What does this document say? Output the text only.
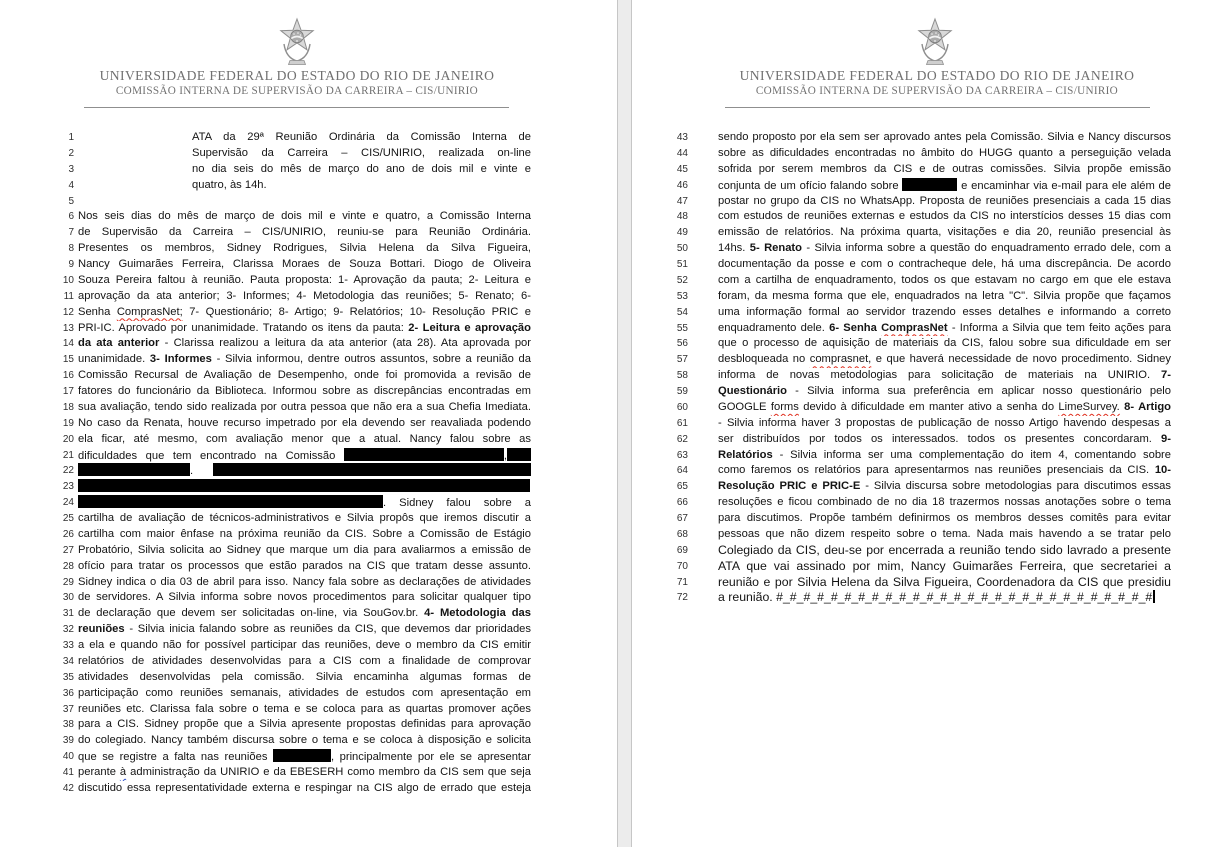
UNIVERSIDADE FEDERAL DO ESTADO DO RIO DE JANEIRO
COMISSÃO INTERNA DE SUPERVISÃO DA CARREIRA – CIS/UNIRIO
1
2
3
4
5
6
7
8
9
10
11
12
13
14
15
16
17
18
19
20
21
22
23
24
25
26
27
28
29
30
31
32
33
34
35
36
37
38
39
40
41
42
ATA da 29ª Reunião Ordinária da Comissão Interna de
Supervisão da Carreira – CIS/UNIRIO, realizada on-line
no dia seis do mês de março do ano de dois mil e vinte e
quatro, às 14h.
Nos seis dias do mês de março de dois mil e vinte e quatro, a Comissão Interna
de Supervisão da Carreira – CIS/UNIRIO, reuniu-se para Reunião Ordinária.
Presentes os membros, Sidney Rodrigues, Silvia Helena da Silva Figueira,
Nancy Guimarães Ferreira, Clarissa Moraes de Souza Bottari. Diogo de Oliveira
Souza Pereira faltou à reunião. Pauta proposta: 1- Aprovação da pauta; 2- Leitura e
aprovação da ata anterior; 3- Informes; 4- Metodologia das reuniões; 5- Renato; 6-
Senha ComprasNet; 7- Questionário; 8- Artigo; 9- Relatórios; 10- Resolução PRIC e
PRI-IC. Aprovado por unanimidade. Tratando os itens da pauta: 2- Leitura e aprovação
da ata anterior - Clarissa realizou a leitura da ata anterior (ata 28). Ata aprovada por
unanimidade. 3- Informes - Silvia informou, dentre outros assuntos, sobre a reunião da
Comissão Recursal de Avaliação de Desempenho, onde foi promovida a revisão de
fatores do funcionário da Biblioteca. Informou sobre as discrepâncias encontradas em
sua avaliação, tendo sido realizada por outra pessoa que não era a sua Chefia Imediata.
No caso da Renata, houve recurso impetrado por ela devendo ser reavaliada podendo
ela ficar, até mesmo, com avaliação menor que a atual. Nancy falou sobre as
dificuldades que tem encontrado na Comissão	,
.
. Sidney falou sobre a
cartilha de avaliação de técnicos-administrativos e Silvia propôs que iremos discutir a
cartilha com maior ênfase na próxima reunião da CIS. Sobre a Comissão de Estágio
Probatório, Silvia solicita ao Sidney que marque um dia para avaliarmos a emissão de
ofício para tratar os processos que estão parados na CIS que tratam desse assunto.
Sidney indica o dia 03 de abril para isso. Nancy fala sobre as declarações de atividades
de servidores. A Silvia informa sobre novos procedimentos para solicitar qualquer tipo
de declaração que devem ser solicitadas on-line, via SouGov.br. 4- Metodologia das
reuniões - Silvia inicia falando sobre as reuniões da CIS, que devemos dar prioridades
a ela e quando não for possível participar das reuniões, deve o membro da CIS emitir
relatórios de atividades desenvolvidas para a CIS com a finalidade de comprovar
atividades desenvolvidas pela comissão. Silvia encaminha algumas formas de
participação como reuniões semanais, atividades de estudos com apresentação em
reuniões etc. Clarissa fala sobre o tema e se coloca para as quartas promover ações
para a CIS. Sidney propõe que a Silvia apresente propostas definidas para aprovação
do colegiado. Nancy também discursa sobre o tema e se coloca à disposição e solicita
que se registre a falta nas reuniões	, principalmente por ele se apresentar
perante à administração da UNIRIO e da EBESERH como membro da CIS sem que seja
discutido essa representatividade externa e respingar na CIS algo de errado que esteja
UNIVERSIDADE FEDERAL DO ESTADO DO RIO DE JANEIRO
COMISSÃO INTERNA DE SUPERVISÃO DA CARREIRA – CIS/UNIRIO
43
44
45
46
47
48
49
50
51
52
53
54
55
56
57
58
59
60
61
62
63
64
65
66
67
68
69
70
71
72
sendo proposto por ela sem ser aprovado antes pela Comissão. Silvia e Nancy discursos
sobre as dificuldades encontradas no âmbito do HUGG quanto a perseguição velada
sofrida por serem membros da CIS e de outras comissões. Silvia propõe emissão
conjunta de um ofício falando sobre	e encaminhar via e-mail para ele além de
postar no grupo da CIS no WhatsApp. Proposta de reuniões presenciais a cada 15 dias
com estudos de reuniões externas e estudos da CIS no interstícios desses 15 dias com
emissão de relatórios. Na próxima quarta, visitações e dia 20, reunião presencial às
14hs. 5- Renato - Silvia informa sobre a questão do enquadramento errado dele, com a
documentação da posse e com o contracheque dele, há uma discrepância. De acordo
com a cartilha de enquadramento, todos os que estavam no cargo em que ele estava
foram, da mesma forma que ele, enquadrados na letra "C". Silvia propõe que façamos
uma informação formal ao servidor trazendo esses detalhes e informando a correto
enquadramento dele. 6- Senha ComprasNet - Informa a Silvia que tem feito ações para
que o processo de aquisição de materiais da CIS, falou sobre sua dificuldade em ser
desbloqueada no comprasnet, e que haverá necessidade de novo procedimento. Sidney
informa de novas metodologias para solicitação de materiais na UNIRIO. 7-
Questionário - Silvia informa sua preferência em aplicar nosso questionário pelo
GOOGLE forms devido à dificuldade em manter ativo a senha do LimeSurvey. 8- Artigo
- Silvia informa haver 3 propostas de publicação de nosso Artigo havendo despesas a
ser distribuídos por todos os interessados. todos os presentes concordaram. 9-
Relatórios - Silvia informa ser uma complementação do item 4, comentando sobre
como faremos os relatórios para apresentarmos nas reuniões presenciais da CIS. 10-
Resolução PRIC e PRIC-E - Silvia discursa sobre metodologias para discutimos essas
resoluções e ficou combinado de no dia 18 trazermos nossas anotações sobre o tema
para discutimos. Propõe também definirmos os membros desses comitês para evitar
pessoas que não dizem respeito sobre o tema. Nada mais havendo a se tratar pelo
Colegiado da CIS, deu-se por encerrada a reunião tendo sido lavrado a presente
ATA que vai assinado por mim, Nancy Guimarães Ferreira, que secretariei a
reunião e por Silvia Helena da Silva Figueira, Coordenadora da CIS que presidiu
a reunião. #_#_#_#_#_#_#_#_#_#_#_#_#_#_#_#_#_#_#_#_#_#_#_#_#_#_#_#
